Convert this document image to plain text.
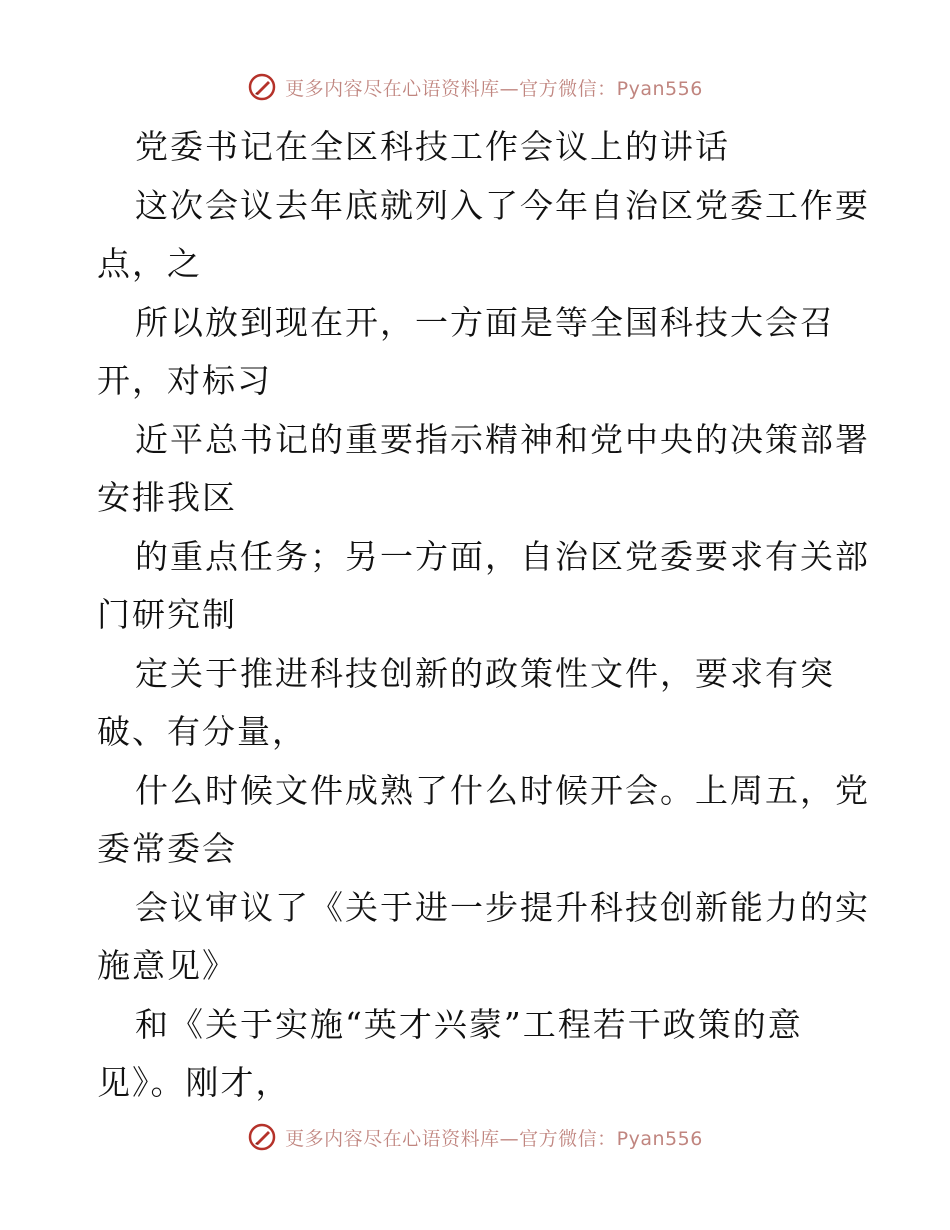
更多内容尽在心语资料库—官方微信：Pyan556
党委书记在全区科技工作会议上的讲话
这次会议去年底就列入了今年自治区党委工作要
点，之
所以放到现在开，一方面是等全国科技大会召
开，对标习
近平总书记的重要指示精神和党中央的决策部署
安排我区
的重点任务；另一方面，自治区党委要求有关部
门研究制
定关于推进科技创新的政策性文件，要求有突
破、有分量，
什么时候文件成熟了什么时候开会。上周五，党
委常委会
会议审议了《关于进一步提升科技创新能力的实
施意见》
和《关于实施“英才兴蒙”工程若干政策的意
见》。刚才，
更多内容尽在心语资料库—官方微信：Pyan556
